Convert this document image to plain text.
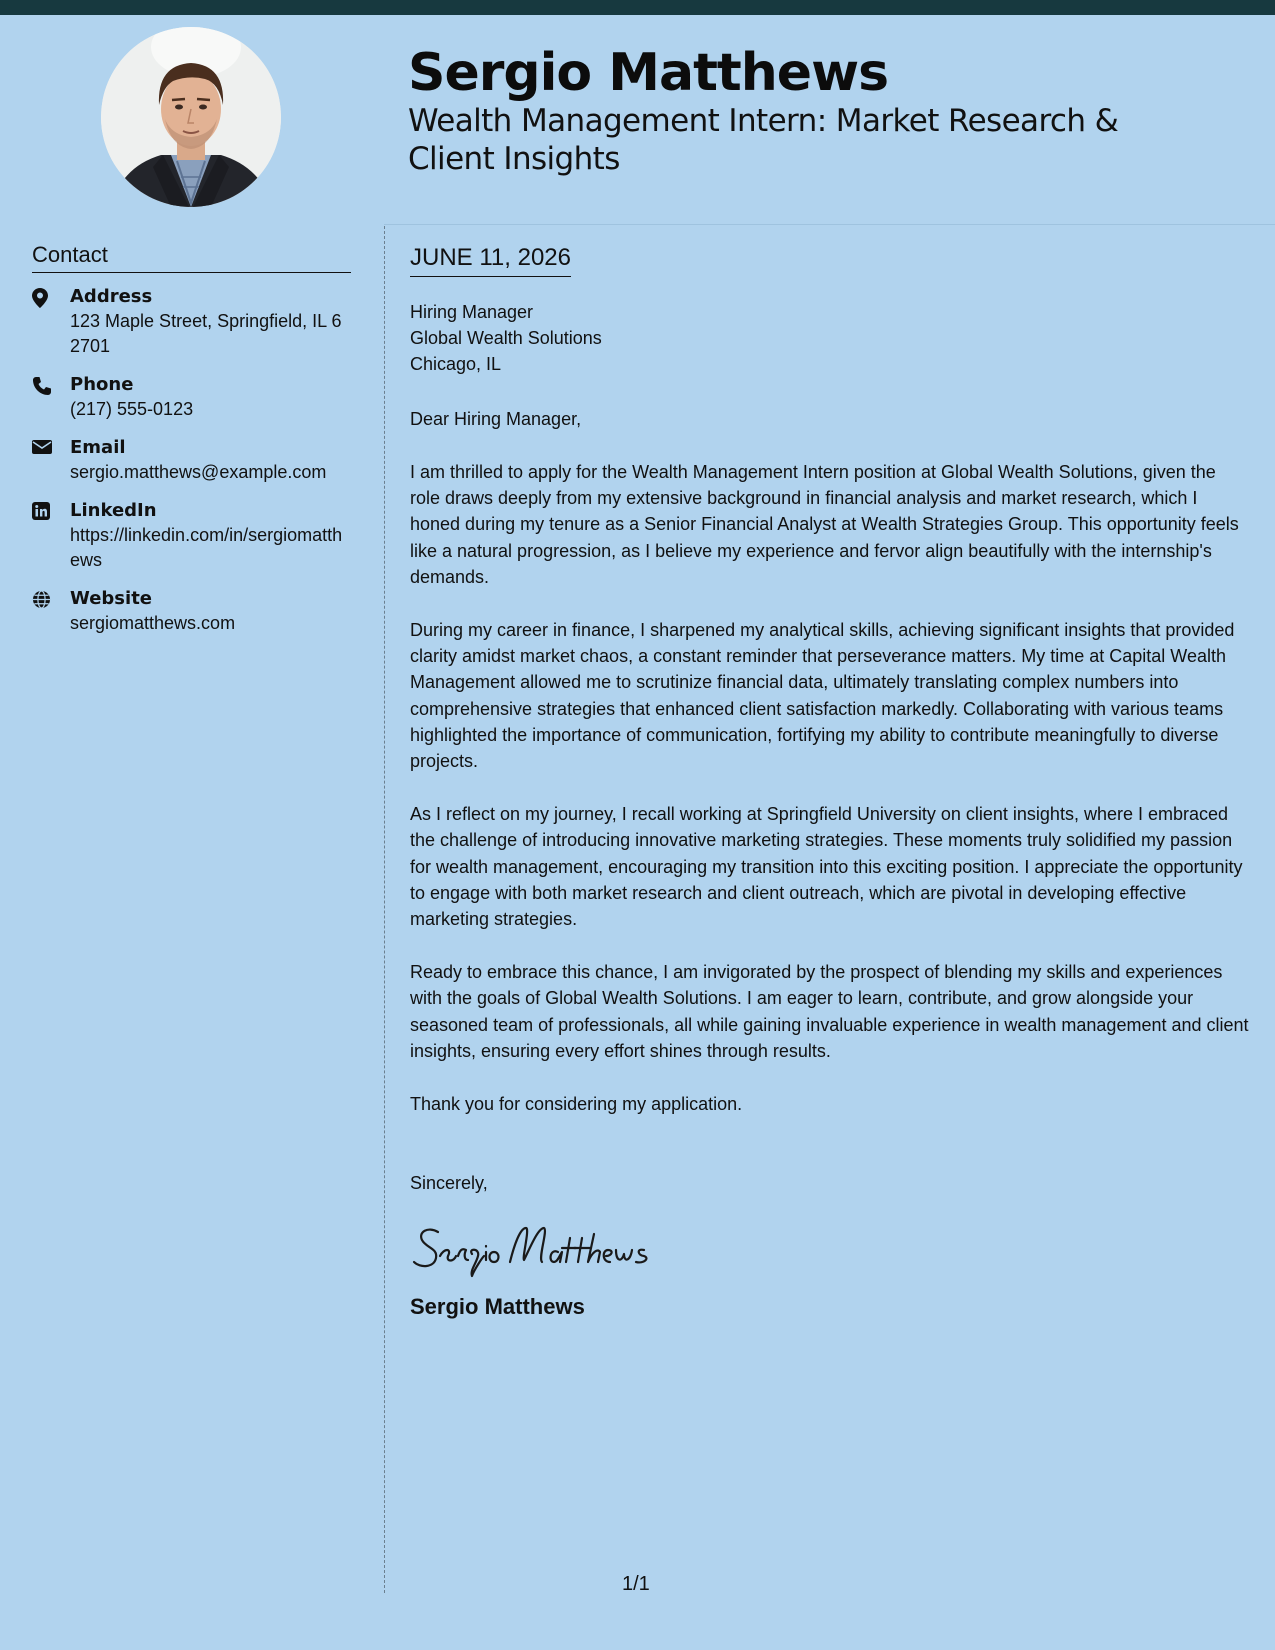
Sergio Matthews
Wealth Management Intern: Market Research & Client Insights
Contact
Address
123 Maple Street, Springfield, IL 62701
Phone
(217) 555-0123
Email
sergio.matthews@example.com
LinkedIn
https://linkedin.com/in/sergiomatthews
Website
sergiomatthews.com
JUNE 11, 2026
Hiring Manager
Global Wealth Solutions
Chicago, IL
Dear Hiring Manager,

I am thrilled to apply for the Wealth Management Intern position at Global Wealth Solutions, given the role draws deeply from my extensive background in financial analysis and market research, which I honed during my tenure as a Senior Financial Analyst at Wealth Strategies Group. This opportunity feels like a natural progression, as I believe my experience and fervor align beautifully with the internship's demands.

During my career in finance, I sharpened my analytical skills, achieving significant insights that provided clarity amidst market chaos, a constant reminder that perseverance matters. My time at Capital Wealth Management allowed me to scrutinize financial data, ultimately translating complex numbers into comprehensive strategies that enhanced client satisfaction markedly. Collaborating with various teams highlighted the importance of communication, fortifying my ability to contribute meaningfully to diverse projects.

As I reflect on my journey, I recall working at Springfield University on client insights, where I embraced the challenge of introducing innovative marketing strategies. These moments truly solidified my passion for wealth management, encouraging my transition into this exciting position. I appreciate the opportunity to engage with both market research and client outreach, which are pivotal in developing effective marketing strategies.

Ready to embrace this chance, I am invigorated by the prospect of blending my skills and experiences with the goals of Global Wealth Solutions. I am eager to learn, contribute, and grow alongside your seasoned team of professionals, all while gaining invaluable experience in wealth management and client insights, ensuring every effort shines through results.

Thank you for considering my application.
Sincerely,
Sergio Matthews
1/1
